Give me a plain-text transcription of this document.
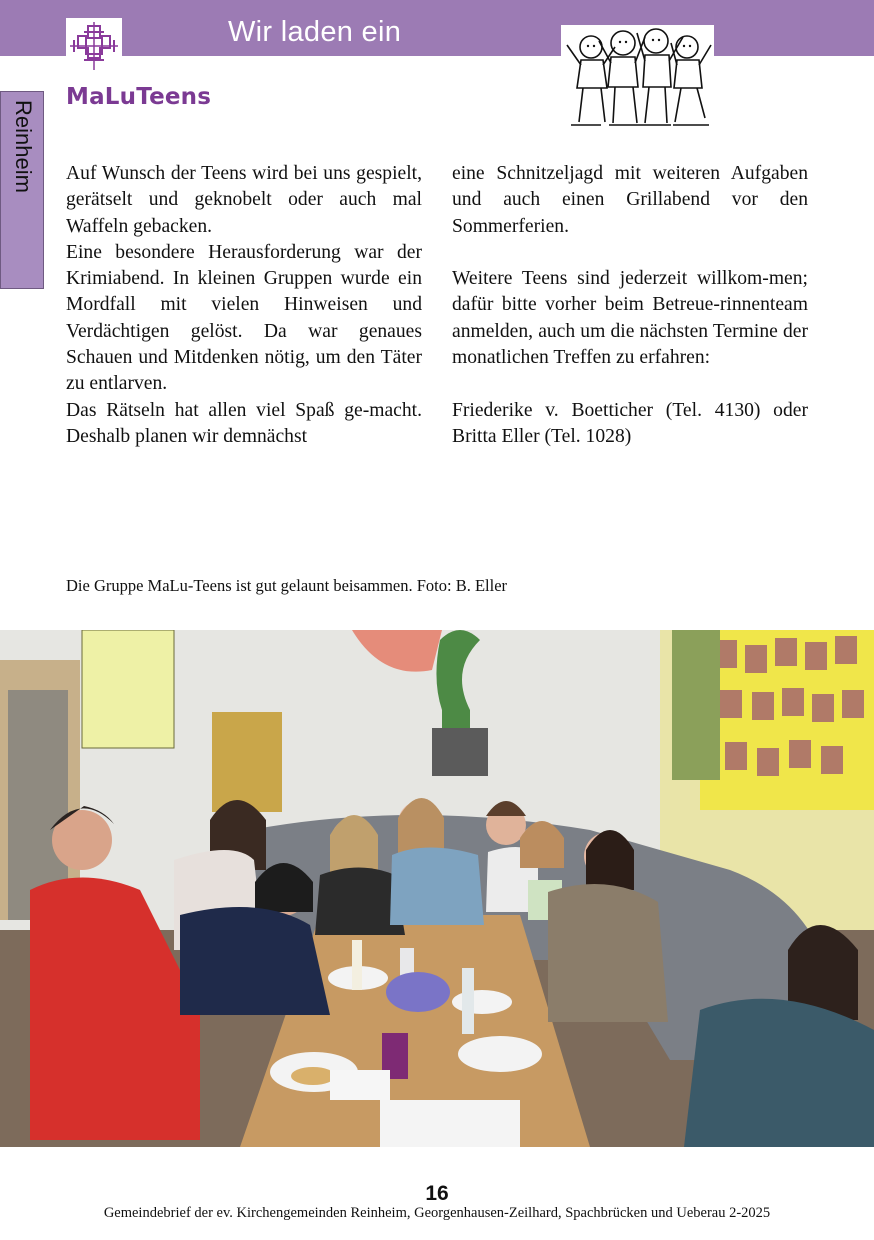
Wir laden ein
Reinheim
MaLuTeens

Auf Wunsch der Teens wird bei uns gespielt, gerätselt und geknobelt oder auch mal Waffeln gebacken.

Eine besondere Herausforderung war der Krimiabend. In kleinen Gruppen wurde ein Mordfall mit vielen Hinweisen und Verdächtigen gelöst. Da war genaues Schauen und Mitdenken nötig, um den Täter zu entlarven.

Das Rätseln hat allen viel Spaß ge-macht. Deshalb planen wir demnächst

eine Schnitzeljagd mit weiteren Aufgaben und auch einen Grillabend vor den Sommerferien.

Weitere Teens sind jederzeit willkom-men; dafür bitte vorher beim Betreue-rinnenteam anmelden, auch um die nächsten Termine der monatlichen Treffen zu erfahren:

Friederike v. Boetticher (Tel. 4130) oder Britta Eller (Tel. 1028)

Die Gruppe MaLu-Teens ist gut gelaunt beisammen. Foto: B. Eller
16
Gemeindebrief der ev. Kirchengemeinden Reinheim, Georgenhausen-Zeilhard, Spachbrücken und Ueberau 2-2025
